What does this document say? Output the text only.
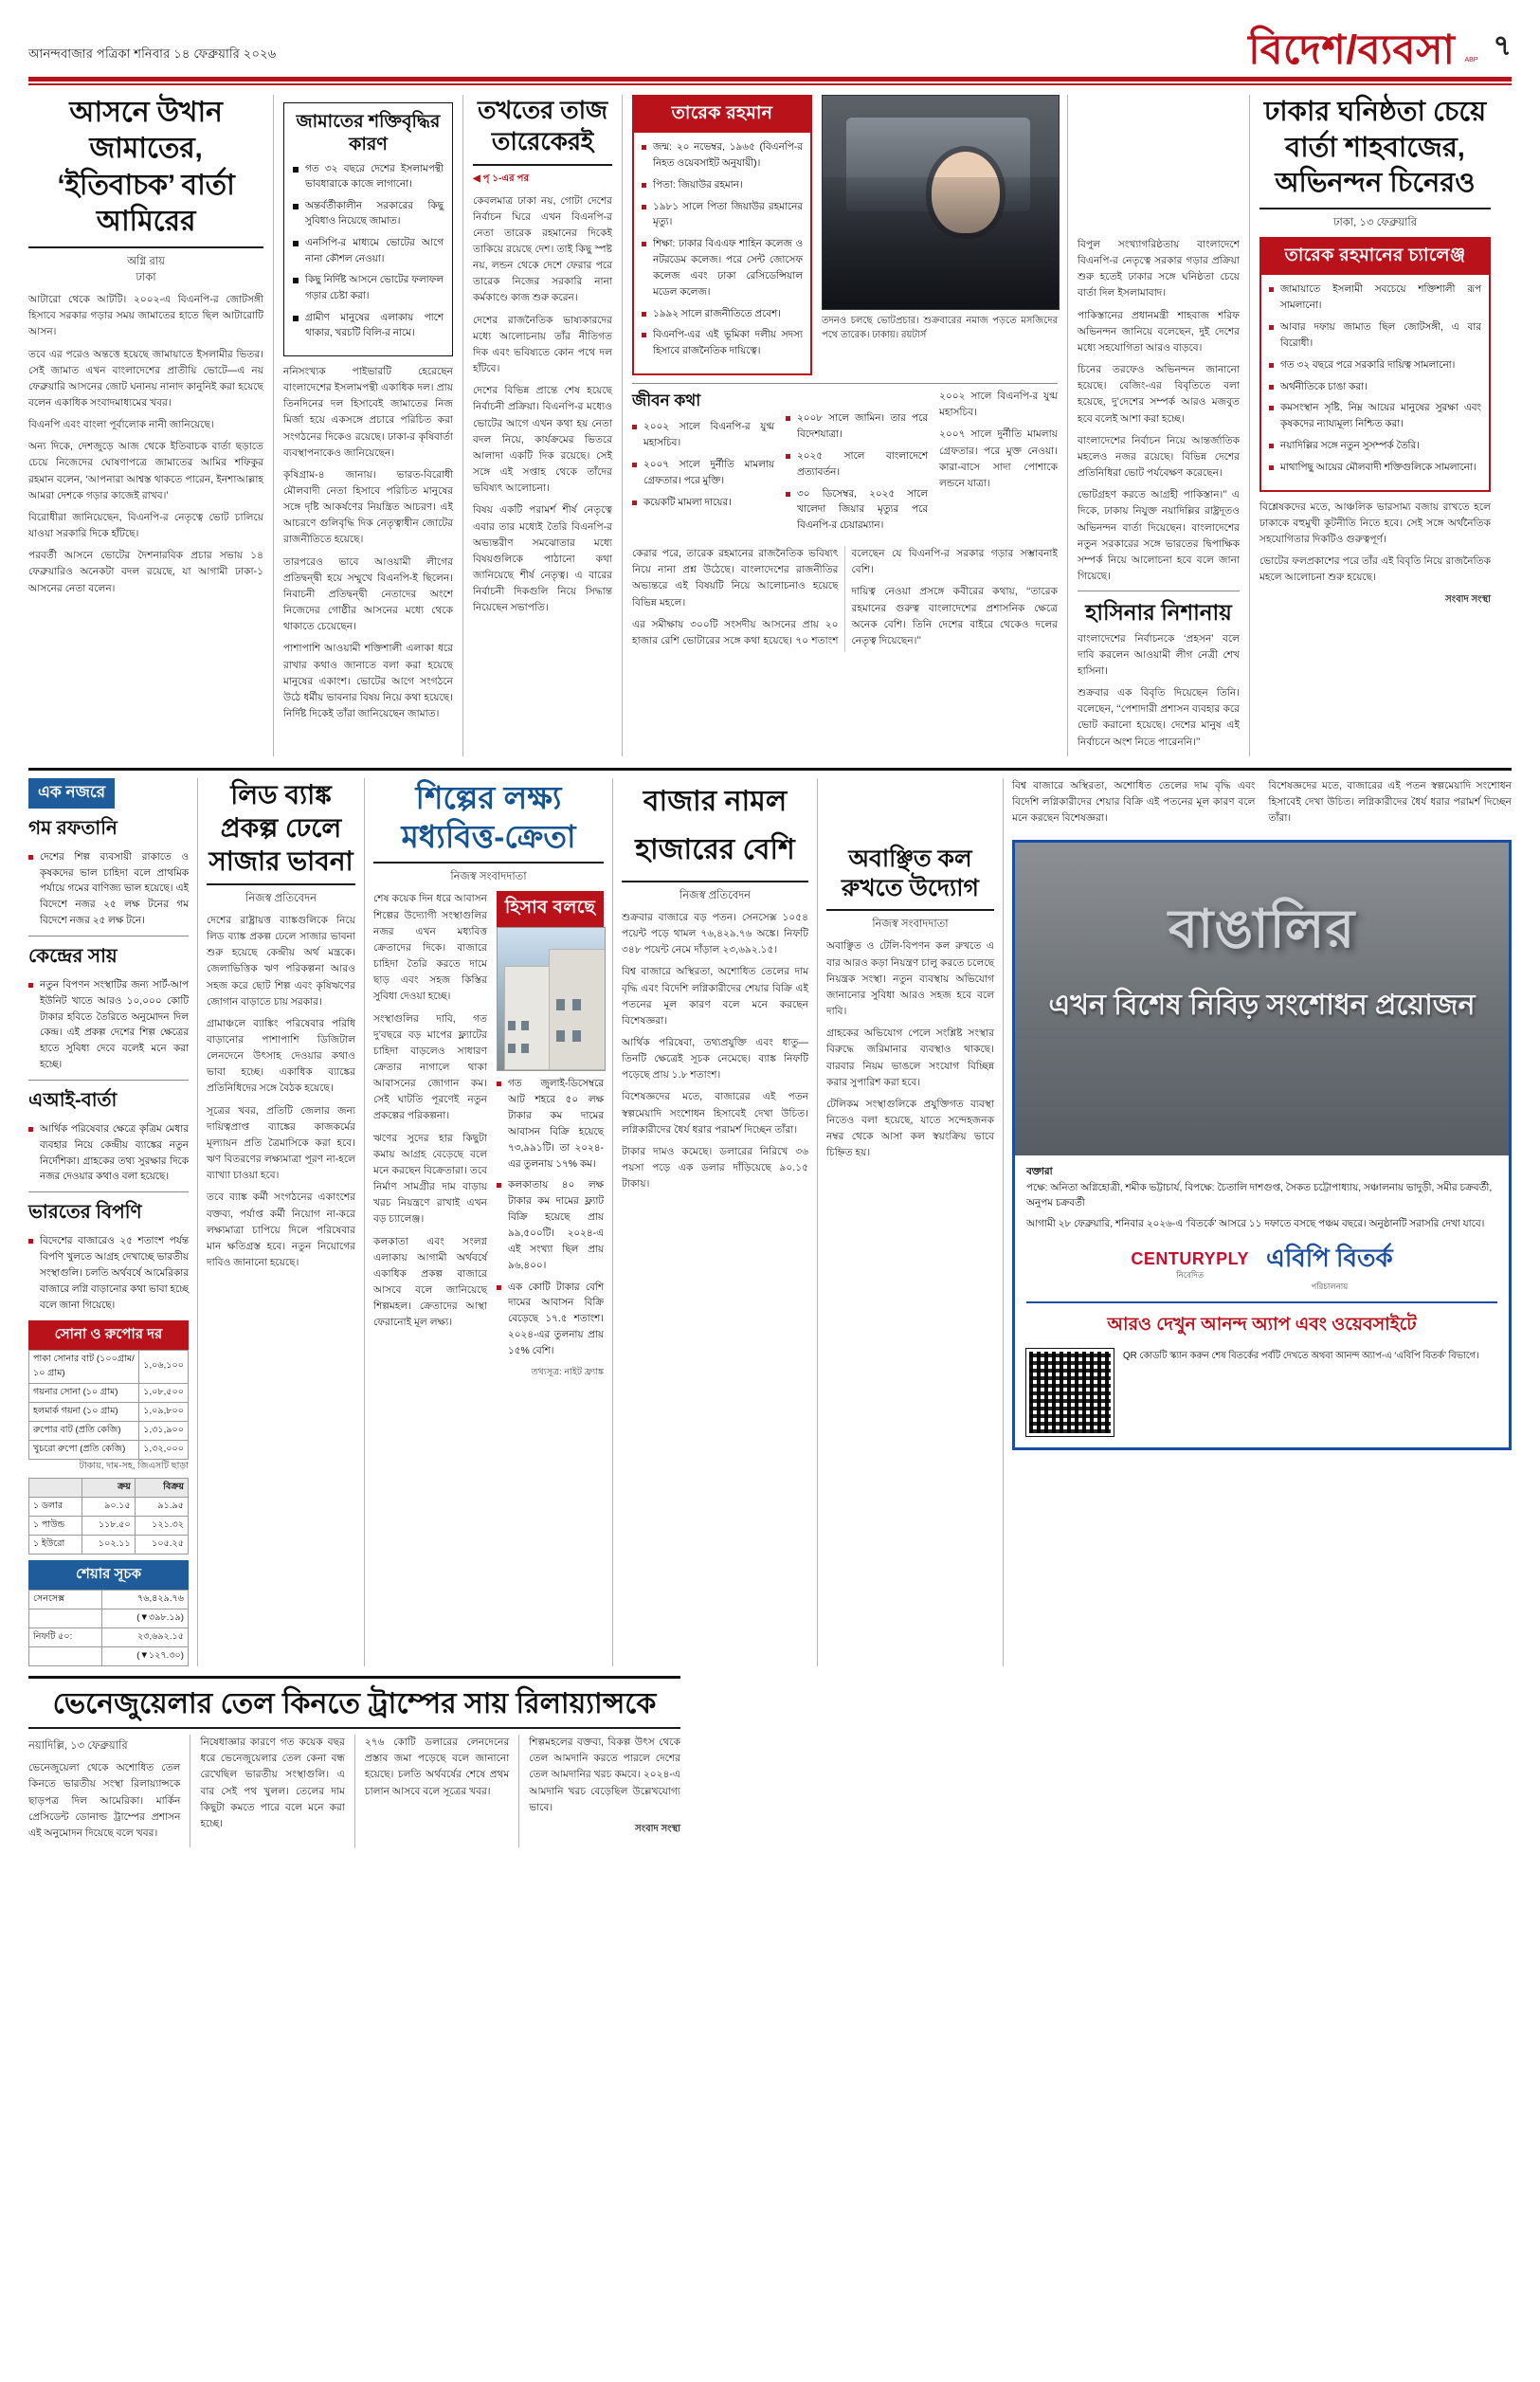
আনন্দবাজার পত্রিকা শনিবার ১৪ ফেব্রুয়ারি ২০২৬	বিদেশ/ব্যবসা ABP ৭
আসনে উখান জামাতের, ‘ইতিবাচক’ বার্তা আমিরের
অগ্নি রায়
ঢাকা

আটারো থেকে আটটি। ২০০২-এ বিএনপি-র জোটসঙ্গী হিসাবে সরকার গড়ার সময় জামাতের হাতে ছিল আটারোটি আসন।

তবে এর পরেও অন্তত্তে হয়েছে জামায়াতে ইসলামীর ভিতর। সেই জামাত এখন বাংলাদেশের প্রাতীয়ি ভোটে—এ নয় ফেব্রুয়ারি আসনের জোট ঘনানয় নানাদ কানুনিই করা হয়েছে বলেন একাধিক সংবাদমাধ্যমের খবর।

বিএনপি এবং বাংলা পূর্বালোক নানী জানিয়েছে।

অন্য দিকে, দেশজুড়ে আজ থেকে ইতিবাচক বার্তা ছড়াতে চেয়ে নিজেদের ঘোষণাপত্রে জামাতের আমির শফিকুর রহমান বলেন, ‘আপনারা আশ্বস্ত থাকতে পারেন, ইনশাআল্লাহ আমরা দেশকে গড়ার কাজেই রাখব।’

বিরোধীরা জানিয়েছেন, বিএনপি-র নেতৃত্বে ভোট চালিয়ে যাওয়া সরকারি দিকে হাঁটছে।

পরবর্তী আসনে ভোটের দৈশনারবিক প্রচার সভায় ১৪ ফেব্রুয়ারিও অনেকটা বদল রয়েছে, যা আগামী ঢাকা-১ আসনের নেতা বলেন।

জামাতের শক্তিবৃদ্ধির কারণ
গত ৩২ বছরে দেশের ইসলামপন্থী ভাবধারাকে কাজে লাগানো।
অন্তর্বর্তীকালীন সরকারের কিছু সুবিধাও নিয়েছে জামাত।
এনসিপি-র মাধ্যমে ভোটের আগে নানা কৌশল নেওয়া।
কিছু নির্দিষ্ট আসনে ভোটের ফলাফল গড়ার চেষ্টা করা।
গ্রামীণ মানুষের এলাকায় পাশে থাকার, খরচটি বিলি-র নামে।

ননিসংখ্যক পাইভারটি হেরেছেন বাংলাদেশের ইসলামপন্থী একাধিক দল। প্রায় তিনদিনের দল হিসাবেই জামাতের নিজ মির্জা হয়ে একসঙ্গে প্রচারে পরিচিত করা সংগঠনের দিকেও রয়েছে। ঢাকা-র কৃষিবার্তা ব্যবস্থাপনাকেও জানিয়েছেন।

কৃষিগ্রাম-৪ জানায়। ভারত-বিরোধী মৌলবাদী নেতা হিসাবে পরিচিত মানুষের সঙ্গে দৃষ্টি আকর্ষণের নিয়ন্ত্রিত আচরণ। এই আচরণে গুলিবৃদ্ধি দিক নেতৃত্বাধীন জোটের রাজনীতিতে হয়েছে।

তারপরেও ভাবে আওয়ামী লীগের প্রতিদ্বন্দ্বী হয়ে সম্মুখে বিএনপি-ই ছিলেন। নিবাচনী প্রতিদ্বন্দ্বী নেতাদের অংশে নিজেদের গোষ্ঠীর আসনের মধ্যে থেকে থাকাতে চেয়েছেন।

পাশাপাশি আওয়ামী শক্তিশালী এলাকা ধরে রাখার কথাও জানাতে বলা করা হয়েছে মানুষের একাংশ। ভোটের আগে সংগঠনে উঠে ধর্মীয় ভাবনার বিষয় নিয়ে কথা হয়েছে। নির্দিষ্ট দিকেই তাঁরা জানিয়েছেন জামাত।

তখতের তাজ তারেকেরই
◀ পৃ ১-এর পর

কেবলমাত্র ঢাকা নয়, গোটা দেশের নির্বাচন ঘিরে এখন বিএনপি-র নেতা তারেক রহমানের দিকেই তাকিয়ে রয়েছে দেশ। তাই কিছু স্পষ্ট নয়, লন্ডন থেকে দেশে ফেরার পরে তারেক নিজের সরকারি নানা কর্মকাণ্ডে কাজ শুরু করেন।

দেশের রাজনৈতিক ভাষ্যকারদের মধ্যে আলোচনায় তাঁর নীতিগত দিক এবং ভবিষ্যতে কোন পথে দল হাঁটবে।

দেশের বিভিন্ন প্রান্তে শেষ হয়েছে নির্বাচনী প্রক্রিয়া। বিএনপি-র মধ্যেও ভোটের আগে এখন কথা হয় নেতা বদল নিয়ে, কার্যক্রমের ভিতরে আলাদা একটি দিক রয়েছে। সেই সঙ্গে এই সপ্তাহ থেকে তাঁদের ভবিষ্যৎ আলোচনা।

বিষয় একটি পরামর্শ শীর্ষ নেতৃত্বে এবার তার মধ্যেই তৈরি বিএনপি-র অভ্যন্তরীণ সমঝোতার মধ্যে বিষয়গুলিকে পাঠানো কথা জানিয়েছে শীর্ষ নেতৃত্ব। এ বারের নির্বাচনী দিকগুলি নিয়ে সিদ্ধান্ত নিয়েছেন সভাপতি।

তারেক রহমান
জন্ম: ২০ নভেম্বর, ১৯৬৫ (বিএনপি-র নিহত ওয়েবসাইট অনুযায়ী)।
পিতা: জিয়াউর রহমান।
১৯৮১ সালে পিতা জিয়াউর রহমানের মৃত্যু।
শিক্ষা: ঢাকার বিএএফ শাহিন কলেজ ও নটরডেম কলেজ। পরে সেন্ট জোসেফ কলেজ এবং ঢাকা রেসিডেন্সিয়াল মডেল কলেজ।
১৯৯২ সালে রাজনীতিতে প্রবেশ।
বিএনপি-এর এই ভূমিকা দলীয় সদস্য হিসাবে রাজনৈতিক দায়িত্বে।
তদনও চলছে ভোটপ্রচার। শুক্রবারের নমাজ পড়তে মসজিদের পথে তারেক। ঢাকায়। রয়টার্স
জীবন কথা
২০০২ সালে বিএনপি-র যুগ্ম মহাসচিব।
২০০৭ সালে দুর্নীতি মামলায় গ্রেফতার। পরে মুক্তি।
কয়েকটি মামলা দায়ের।
২০০৮ সালে জামিন। তার পরে বিদেশযাত্রা।
২০২৫ সালে বাংলাদেশে প্রত্যাবর্তন।
৩০ ডিসেম্বর, ২০২৫ সালে খালেদা জিয়ার মৃত্যুর পরে বিএনপি-র চেয়ারম্যান।

২০০২ সালে বিএনপি-র যুগ্ম মহাসচিব।

২০০৭ সালে দুর্নীতি মামলায় গ্রেফতার। পরে মুক্ত নেওয়া। কারা-বাসে সাদা পোশাকে লন্ডনে যাত্রা।

কেরার পরে, তারেক রহমানের রাজনৈতিক ভবিষ্যৎ নিয়ে নানা প্রশ্ন উঠেছে। বাংলাদেশের রাজনীতির অভ্যন্তরে এই বিষয়টি নিয়ে আলোচনাও হয়েছে বিভিন্ন মহলে।

এর সমীক্ষায় ৩০০টি সংসদীয় আসনের প্রায় ২০ হাজার রেশি ভোটারের সঙ্গে কথা হয়েছে। ৭০ শতাংশ বলেছেন যে বিএনপি-র সরকার গড়ার সম্ভাবনাই বেশি।

দায়িত্ব নেওয়া প্রসঙ্গে কবীরের কথায়, ‘‘তারেক রহমানের গুরুত্ব বাংলাদেশের প্রশাসনিক ক্ষেত্রে অনেক বেশি। তিনি দেশের বাইরে থেকেও দলের নেতৃত্ব দিয়েছেন।’’

বিপুল সংখ্যাগরিষ্ঠতায় বাংলাদেশে বিএনপি-র নেতৃত্বে সরকার গড়ার প্রক্রিয়া শুরু হতেই ঢাকার সঙ্গে ঘনিষ্ঠতা চেয়ে বার্তা দিল ইসলামাবাদ।

পাকিস্তানের প্রধানমন্ত্রী শাহবাজ শরিফ অভিনন্দন জানিয়ে বলেছেন, দুই দেশের মধ্যে সহযোগিতা আরও বাড়বে।

চিনের তরফেও অভিনন্দন জানানো হয়েছে। বেজিং-এর বিবৃতিতে বলা হয়েছে, দু’দেশের সম্পর্ক আরও মজবুত হবে বলেই আশা করা হচ্ছে।

বাংলাদেশের নির্বাচন নিয়ে আন্তর্জাতিক মহলেও নজর রয়েছে। বিভিন্ন দেশের প্রতিনিধিরা ভোট পর্যবেক্ষণ করেছেন।

ভোটগ্রহণ করতে আগ্রহী পাকিস্তান।’’ এ দিকে, ঢাকায় নিযুক্ত নয়াদিল্লির রাষ্ট্রদূতও অভিনন্দন বার্তা দিয়েছেন। বাংলাদেশের নতুন সরকারের সঙ্গে ভারতের দ্বিপাক্ষিক সম্পর্ক নিয়ে আলোচনা হবে বলে জানা গিয়েছে।

হাসিনার নিশানায়

বাংলাদেশের নির্বাচনকে ‘প্রহসন’ বলে দাবি করলেন আওয়ামী লীগ নেত্রী শেখ হাসিনা।

শুক্রবার এক বিবৃতি দিয়েছেন তিনি। বলেছেন, ‘‘পেশাদারী প্রশাসন ব্যবহার করে ভোট করানো হয়েছে। দেশের মানুষ এই নির্বাচনে অংশ নিতে পারেননি।’’

ঢাকার ঘনিষ্ঠতা চেয়ে বার্তা শাহবাজের, অভিনন্দন চিনেরও
ঢাকা, ১৩ ফেব্রুয়ারি
তারেক রহমানের চ্যালেঞ্জ
জামায়াতে ইসলামী সবচেয়ে শক্তিশালী রূপ সামলানো।
আবার দফায় জামাত ছিল জোটসঙ্গী, এ বার বিরোধী।
গত ৩২ বছরে পরে সরকারি দায়িত্ব সামলানো।
অর্থনীতিকে চাঙা করা।
কমসংস্থান সৃষ্টি, নিম্ন আয়ের মানুষের সুরক্ষা এবং কৃষকদের ন্যায্যমূল্য নিশ্চিত করা।
নয়াদিল্লির সঙ্গে নতুন সুসম্পর্ক তৈরি।
মাথাপিছু আয়ের মৌলবাদী শক্তিগুলিকে সামলানো।

বিশ্লেষকদের মতে, আঞ্চলিক ভারসাম্য বজায় রাখতে হলে ঢাকাকে বহুমুখী কূটনীতি নিতে হবে। সেই সঙ্গে অর্থনৈতিক সহযোগিতার দিকটিও গুরুত্বপূর্ণ।

ভোটের ফলপ্রকাশের পরে তাঁর এই বিবৃতি নিয়ে রাজনৈতিক মহলে আলোচনা শুরু হয়েছে।

সংবাদ সংস্থা
এক নজরে
গম রফতানি
দেশের শিল্প ব্যবসায়ী রাকাতে ও কৃষকদের ভাল চাহিদা বলে প্রাথমিক পর্যায়ে গমের বাণিজ্য ভাল হয়েছে। এই বিদেশে নজর ২৫ লক্ষ টনের গম বিদেশে নজর ২৫ লক্ষ টনে।
কেন্দ্রের সায়
নতুন বিপণন সংস্থাটির জন্য সার্ট-আপ ইউনিট খাতে আরও ১০,০০০ কোটি টাকার হবিতে তৈরিতে অনুমোদন দিল কেন্দ্র। এই প্রকল্প দেশের শিল্প ক্ষেত্রের হাতে সুবিধা দেবে বলেই মনে করা হচ্ছে।
এআই-বার্তা
আর্থিক পরিষেবার ক্ষেত্রে কৃত্রিম মেধার ব্যবহার নিয়ে কেন্দ্রীয় ব্যাঙ্কের নতুন নির্দেশিকা। গ্রাহকের তথ্য সুরক্ষার দিকে নজর দেওয়ার কথাও বলা হয়েছে।
ভারতের বিপণি
বিদেশের বাজারেও ২৫ শতাংশ পর্যন্ত বিপণি খুলতে আগ্রহ দেখাচ্ছে ভারতীয় সংস্থাগুলি। চলতি অর্থবর্ষে আমেরিকার বাজারে লগ্নি বাড়ানোর কথা ভাবা হচ্ছে বলে জানা গিয়েছে।
সোনা ও রুপোর দর
পাকা সোনার বাট (১০০গ্রাম/১০ গ্রাম)	১,০৬,১০০
গয়নার সোনা (১০ গ্রাম)	১,০৮,৫০০
হলমার্ক গয়না (১০ গ্রাম)	১,০৯,৮০০
রুপোর বাট (প্রতি কেজি)	১,৩১,৯০০
খুচরো রুপো (প্রতি কেজি)	১,৩২,০০০
টাকায়, দাম-সহ, জিএসটি ছাড়া
	ক্রয়	বিক্রয়
১ ডলার	৯০.১৫	৯১.৯৫
১ পাউন্ড	১১৮.৫০	১২১.৩২
১ ইউরো	১০২.১১	১০৫.২৫
শেয়ার সূচক
সেনসেক্স	৭৬,৪২৯.৭৬
	(▼৩৯৮.১৯)
নিফটি ৫০:	২৩,৬৯২.১৫
	(▼১২৭.৩০)
লিড ব্যাঙ্ক প্রকল্প ঢেলে সাজার ভাবনা
নিজস্ব প্রতিবেদন

দেশের রাষ্ট্রায়ত্ত ব্যাঙ্কগুলিকে নিয়ে লিড ব্যাঙ্ক প্রকল্প ঢেলে সাজার ভাবনা শুরু হয়েছে কেন্দ্রীয় অর্থ মন্ত্রকে। জেলাভিত্তিক ঋণ পরিকল্পনা আরও সহজ করে ছোট শিল্প এবং কৃষিঋণের জোগান বাড়াতে চায় সরকার।

গ্রামাঞ্চলে ব্যাঙ্কিং পরিষেবার পরিধি বাড়ানোর পাশাপাশি ডিজিটাল লেনদেনে উৎসাহ দেওয়ার কথাও ভাবা হচ্ছে। একাধিক ব্যাঙ্কের প্রতিনিধিদের সঙ্গে বৈঠক হয়েছে।

সূত্রের খবর, প্রতিটি জেলার জন্য দায়িত্বপ্রাপ্ত ব্যাঙ্কের কাজকর্মের মূল্যায়ন প্রতি ত্রৈমাসিকে করা হবে। ঋণ বিতরণের লক্ষ্যমাত্রা পূরণ না-হলে ব্যাখ্যা চাওয়া হবে।

তবে ব্যাঙ্ক কর্মী সংগঠনের একাংশের বক্তব্য, পর্যাপ্ত কর্মী নিয়োগ না-করে লক্ষ্যমাত্রা চাপিয়ে দিলে পরিষেবার মান ক্ষতিগ্রস্ত হবে। নতুন নিয়োগের দাবিও জানানো হয়েছে।

শিল্পের লক্ষ্য মধ্যবিত্ত-ক্রেতা
নিজস্ব সংবাদদাতা

শেষ কয়েক দিন ধরে আবাসন শিল্পের উদ্যোগী সংস্থাগুলির নজর এখন মধ্যবিত্ত ক্রেতাদের দিকে। বাজারে চাহিদা তৈরি করতে দামে ছাড় এবং সহজ কিস্তির সুবিধা দেওয়া হচ্ছে।

সংস্থাগুলির দাবি, গত দু’বছরে বড় মাপের ফ্ল্যাটের চাহিদা বাড়লেও সাধারণ ক্রেতার নাগালে থাকা আবাসনের জোগান কম। সেই ঘাটতি পূরণেই নতুন প্রকল্পের পরিকল্পনা।

ঋণের সুদের হার কিছুটা কমায় আগ্রহ বেড়েছে বলে মনে করছেন বিক্রেতারা। তবে নির্মাণ সামগ্রীর দাম বাড়ায় খরচ নিয়ন্ত্রণে রাখাই এখন বড় চ্যালেঞ্জ।

কলকাতা এবং সংলগ্ন এলাকায় আগামী অর্থবর্ষে একাধিক প্রকল্প বাজারে আসবে বলে জানিয়েছে শিল্পমহল। ক্রেতাদের আস্থা ফেরানোই মূল লক্ষ্য।

হিসাব বলছে
গত জুলাই-ডিসেম্বরে আট শহরে ৫০ লক্ষ টাকার কম দামের আবাসন বিক্রি হয়েছে ৭৩,৯৯১টি। তা ২০২৪-এর তুলনায় ১৭% কম।
কলকাতায় ৪০ লক্ষ টাকার কম দামের ফ্ল্যাট বিক্রি হয়েছে প্রায় ৯৯,৫০০টি। ২০২৪-এ এই সংখ্যা ছিল প্রায় ৯৬,৪০০।
এক কোটি টাকার বেশি দামের আবাসন বিক্রি বেড়েছে ১৭.৫ শতাংশ। ২০২৪-এর তুলনায় প্রায় ১৫% বেশি।
তথ্যসূত্র: নাইট ফ্র্যাঙ্ক
বাজার নামল হাজারের বেশি
নিজস্ব প্রতিবেদন

শুক্রবার বাজারে বড় পতন। সেনসেক্স ১০৫৪ পয়েন্ট পড়ে থামল ৭৬,৪২৯.৭৬ অঙ্কে। নিফটি ৩৪৮ পয়েন্ট নেমে দাঁড়াল ২৩,৬৯২.১৫।

বিশ্ব বাজারে অস্থিরতা, অশোধিত তেলের দাম বৃদ্ধি এবং বিদেশি লগ্নিকারীদের শেয়ার বিক্রি এই পতনের মূল কারণ বলে মনে করছেন বিশেষজ্ঞরা।

আর্থিক পরিষেবা, তথ্যপ্রযুক্তি এবং ধাতু— তিনটি ক্ষেত্রেই সূচক নেমেছে। ব্যাঙ্ক নিফটি পড়েছে প্রায় ১.৮ শতাংশ।

বিশেষজ্ঞদের মতে, বাজারের এই পতন স্বল্পমেয়াদি সংশোধন হিসাবেই দেখা উচিত। লগ্নিকারীদের ধৈর্য ধরার পরামর্শ দিচ্ছেন তাঁরা।

টাকার দামও কমেছে। ডলারের নিরিখে ৩৬ পয়সা পড়ে এক ডলার দাঁড়িয়েছে ৯০.১৫ টাকায়।

অবাঞ্ছিত কল রুখতে উদ্যোগ
নিজস্ব সংবাদদাতা

অবাঞ্ছিত ও টেলি-বিপণন কল রুখতে এ বার আরও কড়া নিয়ন্ত্রণ চালু করতে চলেছে নিয়ন্ত্রক সংস্থা। নতুন ব্যবস্থায় অভিযোগ জানানোর সুবিধা আরও সহজ হবে বলে দাবি।

গ্রাহকের অভিযোগ পেলে সংশ্লিষ্ট সংস্থার বিরুদ্ধে জরিমানার ব্যবস্থাও থাকছে। বারবার নিয়ম ভাঙলে সংযোগ বিচ্ছিন্ন করার সুপারিশ করা হবে।

টেলিকম সংস্থাগুলিকে প্রযুক্তিগত ব্যবস্থা নিতেও বলা হয়েছে, যাতে সন্দেহজনক নম্বর থেকে আসা কল স্বয়ংক্রিয় ভাবে চিহ্নিত হয়।

বিশ্ব বাজারে অস্থিরতা, অশোধিত তেলের দাম বৃদ্ধি এবং বিদেশি লগ্নিকারীদের শেয়ার বিক্রি এই পতনের মূল কারণ বলে মনে করছেন বিশেষজ্ঞরা।

বিশেষজ্ঞদের মতে, বাজারের এই পতন স্বল্পমেয়াদি সংশোধন হিসাবেই দেখা উচিত। লগ্নিকারীদের ধৈর্য ধরার পরামর্শ দিচ্ছেন তাঁরা।

বাঙালির
এখন বিশেষ নিবিড় সংশোধন প্রয়োজন
বক্তারা
পক্ষে: অনিতা অগ্নিহোত্রী, শমীক ভট্টাচার্য, বিপক্ষে: চৈতালি দাশগুপ্ত, সৈকত চট্টোপাধ্যায়, সঞ্চালনায় ভাদুড়ী, সমীর চক্রবর্তী, অনুপম চক্রবর্তী
আগামী ২৮ ফেব্রুয়ারি, শনিবার ২০২৬-এ ‘বিতর্কে’ আসরে ১১ দফাতে বসছে পঞ্চম বছরে। অনুষ্ঠানটি সরাসরি দেখা যাবে।
CENTURYPLY
নিবেদিত
এবিপি বিতর্ক
পরিচালনায়
আরও দেখুন আনন্দ অ্যাপ এবং ওয়েবসাইটে
QR কোডটি স্ক্যান করুন শেষ বিতর্কের পর্বটি দেখতে অথবা আনন্দ অ্যাপ-এ ‘এবিপি বিতর্ক’ বিভাগে।
ভেনেজুয়েলার তেল কিনতে ট্রাম্পের সায় রিলায়্যান্সকে
নয়াদিল্লি, ১৩ ফেব্রুয়ারি

ভেনেজুয়েলা থেকে অশোধিত তেল কিনতে ভারতীয় সংস্থা রিলায়্যান্সকে ছাড়পত্র দিল আমেরিকা। মার্কিন প্রেসিডেন্ট ডোনাল্ড ট্রাম্পের প্রশাসন এই অনুমোদন দিয়েছে বলে খবর।

নিষেধাজ্ঞার কারণে গত কয়েক বছর ধরে ভেনেজুয়েলার তেল কেনা বন্ধ রেখেছিল ভারতীয় সংস্থাগুলি। এ বার সেই পথ খুলল। তেলের দাম কিছুটা কমতে পারে বলে মনে করা হচ্ছে।

২৭৬ কোটি ডলারের লেনদেনের প্রস্তাব জমা পড়েছে বলে জানানো হয়েছে। চলতি অর্থবর্ষের শেষে প্রথম চালান আসবে বলে সূত্রের খবর।

শিল্পমহলের বক্তব্য, বিকল্প উৎস থেকে তেল আমদানি করতে পারলে দেশের তেল আমদানির খরচ কমবে। ২০২৪-এ আমদানি খরচ বেড়েছিল উল্লেখযোগ্য ভাবে।

সংবাদ সংস্থা
